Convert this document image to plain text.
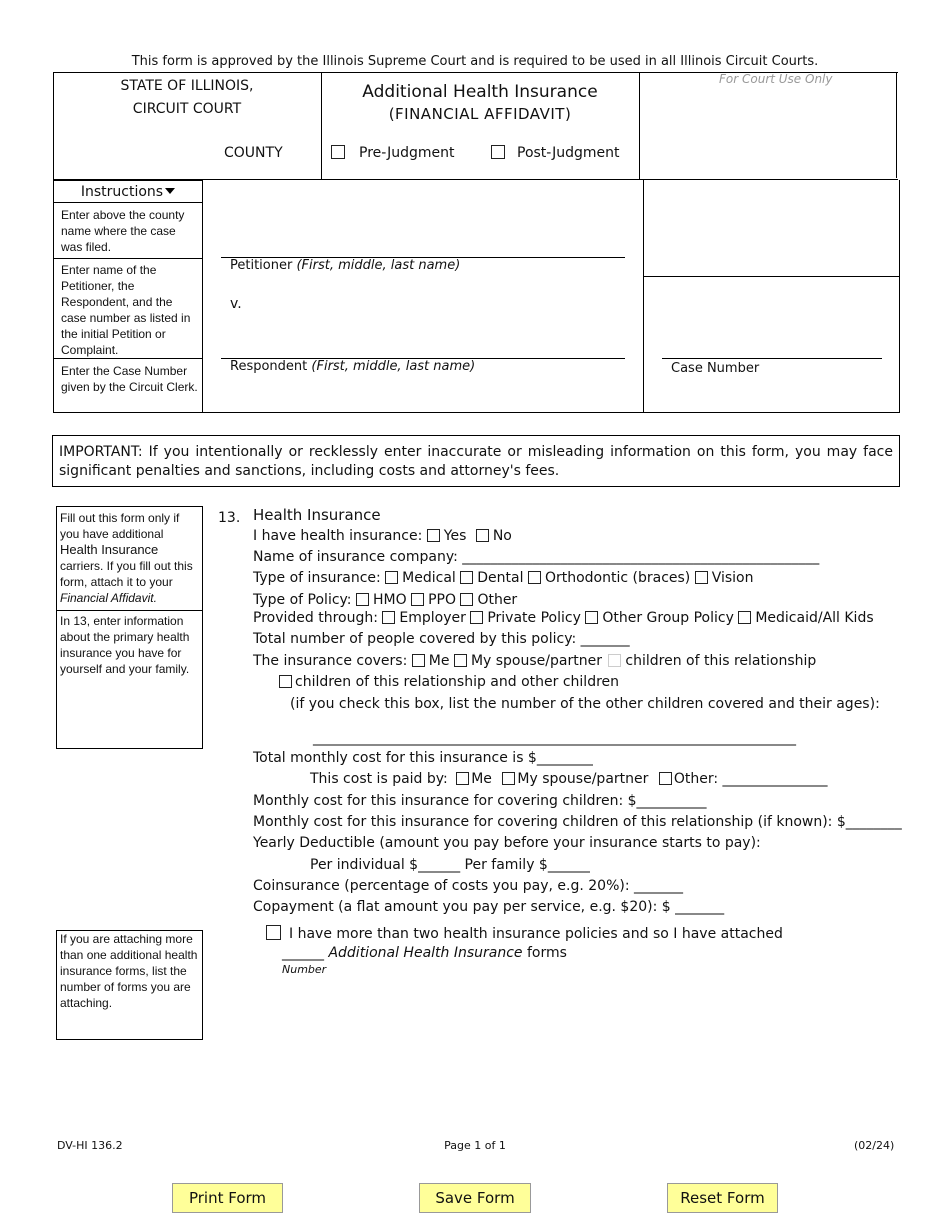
This form is approved by the Illinois Supreme Court and is required to be used in all Illinois Circuit Courts.
STATE OF ILLINOIS,
CIRCUIT COURT
COUNTY
Additional Health Insurance
(FINANCIAL AFFIDAVIT)
Pre-Judgment	Post-Judgment
For Court Use Only
Instructions
Enter above the county name where the case was filed.
Enter name of the Petitioner, the Respondent, and the case number as listed in the initial Petition or Complaint.
Enter the Case Number given by the Circuit Clerk.
Petitioner (First, middle, last name)
v.
Respondent (First, middle, last name)	Case Number
IMPORTANT: If you intentionally or recklessly enter inaccurate or misleading information on this form, you may face significant penalties and sanctions, including costs and attorney's fees.
Fill out this form only if you have additional Health Insurance carriers. If you fill out this form, attach it to your Financial Affidavit.
In 13, enter information about the primary health insurance you have for yourself and your family.
If you are attaching more than one additional health insurance forms, list the number of forms you are attaching.
13. Health Insurance
I have health insurance: Yes No
Name of insurance company: ___________________________________________________
Type of insurance: Medical Dental Orthodontic (braces) Vision
Type of Policy: HMO PPO Other
Provided through: Employer Private Policy Other Group Policy Medicaid/All Kids
Total number of people covered by this policy: _______
The insurance covers: Me My spouse/partner children of this relationship
children of this relationship and other children
(if you check this box, list the number of the other children covered and their ages):
_____________________________________________________________________
Total monthly cost for this insurance is $________
This cost is paid by: Me My spouse/partner Other: _______________
Monthly cost for this insurance for covering children: $__________
Monthly cost for this insurance for covering children of this relationship (if known): $________
Yearly Deductible (amount you pay before your insurance starts to pay):
Per individual $______ Per family $______
Coinsurance (percentage of costs you pay, e.g. 20%): _______
Copayment (a flat amount you pay per service, e.g. $20): $ _______
I have more than two health insurance policies and so I have attached
______ Additional Health Insurance forms
Number
DV-HI 136.2	Page 1 of 1	(02/24)
Print Form	Save Form	Reset Form
